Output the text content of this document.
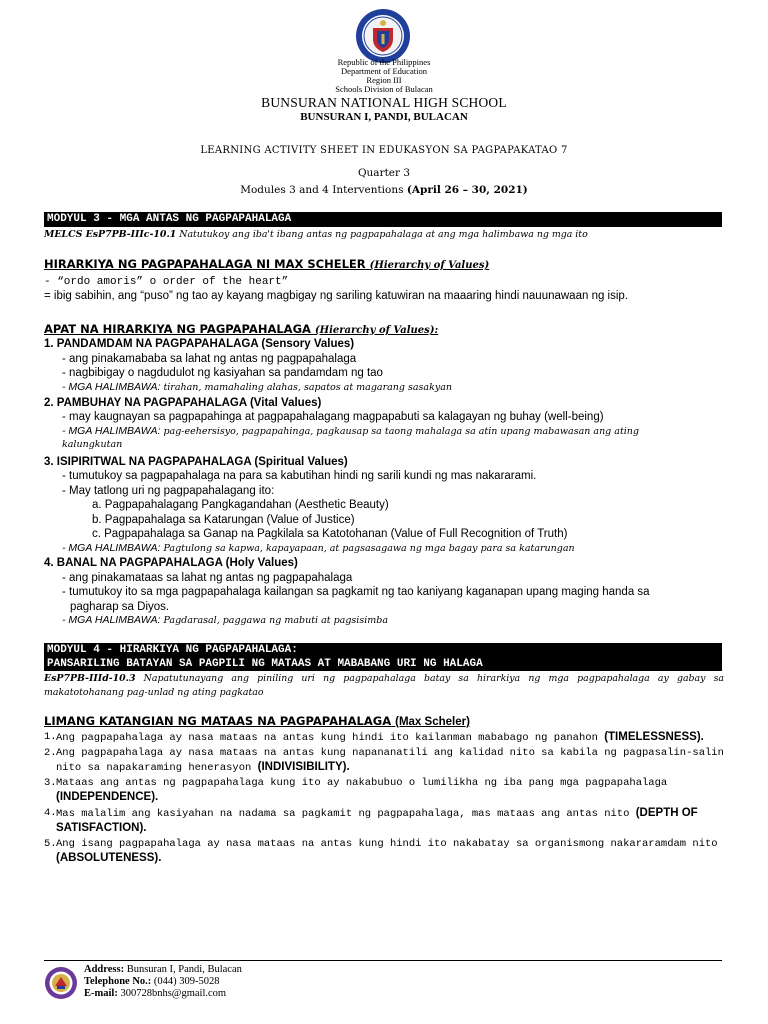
Republic of the Philippines
Department of Education
Region III
Schools Division of Bulacan
BUNSURAN NATIONAL HIGH SCHOOL
BUNSURAN I, PANDI, BULACAN
LEARNING ACTIVITY SHEET IN EDUKASYON SA PAGPAPAKATAO 7
Quarter 3
Modules 3 and 4 Interventions (April 26 – 30, 2021)
MODYUL 3 - MGA ANTAS NG PAGPAPAHALAGA
MELCS EsP7PB-IIIc-10.1 Natutukoy ang iba't ibang antas ng pagpapahalaga at ang mga halimbawa ng mga ito
HIRARKIYA NG PAGPAPAHALAGA NI MAX SCHELER (Hierarchy of Values)
- “ordo amoris” o order of the heart”
= ibig sabihin, ang “puso” ng tao ay kayang magbigay ng sariling katuwiran na maaaring hindi nauunawaan ng isip.
APAT NA HIRARKIYA NG PAGPAPAHALAGA (Hierarchy of Values):
1. PANDAMDAM NA PAGPAPAHALAGA (Sensory Values)
- ang pinakamababa sa lahat ng antas ng pagpapahalaga
- nagbibigay o nagdudulot ng kasiyahan sa pandamdam ng tao
- MGA HALIMBAWA: tirahan, mamahaling alahas, sapatos at magarang sasakyan
2. PAMBUHAY NA PAGPAPAHALAGA (Vital Values)
- may kaugnayan sa pagpapahinga at pagpapahalagang magpapabuti sa kalagayan ng buhay (well-being)
- MGA HALIMBAWA: pag-eehersisyo, pagpapahinga, pagkausap sa taong mahalaga sa atin upang mabawasan ang ating kalungkutan
3. ISIPIRITWAL NA PAGPAPAHALAGA (Spiritual Values)
- tumutukoy sa pagpapahalaga na para sa kabutihan hindi ng sarili kundi ng mas nakararami.
- May tatlong uri ng pagpapahalagang ito:
a. Pagpapahalagang Pangkagandahan (Aesthetic Beauty)
b. Pagpapahalaga sa Katarungan (Value of Justice)
c. Pagpapahalaga sa Ganap na Pagkilala sa Katotohanan (Value of Full Recognition of Truth)
- MGA HALIMBAWA: Pagtulong sa kapwa, kapayapaan, at pagsasagawa ng mga bagay para sa katarungan
4. BANAL NA PAGPAPAHALAGA (Holy Values)
- ang pinakamataas sa lahat ng antas ng pagpapahalaga
- tumutukoy ito sa mga pagpapahalaga kailangan sa pagkamit ng tao kaniyang kaganapan upang maging handa sa
pagharap sa Diyos.
- MGA HALIMBAWA: Pagdarasal, paggawa ng mabuti at pagsisimba
MODYUL 4 - HIRARKIYA NG PAGPAPAHALAGA:
PANSARILING BATAYAN SA PAGPILI NG MATAAS AT MABABANG URI NG HALAGA
EsP7PB-IIId-10.3 Napatutunayang ang piniling uri ng pagpapahalaga batay sa hirarkiya ng mga pagpapahalaga ay gabay sa makatotohanang pag-unlad ng ating pagkatao
LIMANG KATANGIAN NG MATAAS NA PAGPAPAHALAGA (Max Scheler)
1. Ang pagpapahalaga ay nasa mataas na antas kung hindi ito kailanman mababago ng panahon (TIMELESSNESS).
2. Ang pagpapahalaga ay nasa mataas na antas kung napananatili ang kalidad nito sa kabila ng pagpasalin-salin nito sa napakaraming henerasyon (INDIVISIBILITY).
3. Mataas ang antas ng pagpapahalaga kung ito ay nakabubuo o lumilikha ng iba pang mga pagpapahalaga (INDEPENDENCE).
4. Mas malalim ang kasiyahan na nadama sa pagkamit ng pagpapahalaga, mas mataas ang antas nito (DEPTH OF SATISFACTION).
5. Ang isang pagpapahalaga ay nasa mataas na antas kung hindi ito nakabatay sa organismong nakararamdam nito (ABSOLUTENESS).
Address: Bunsuran I, Pandi, Bulacan
Telephone No.: (044) 309-5028
E-mail: 300728bnhs@gmail.com
